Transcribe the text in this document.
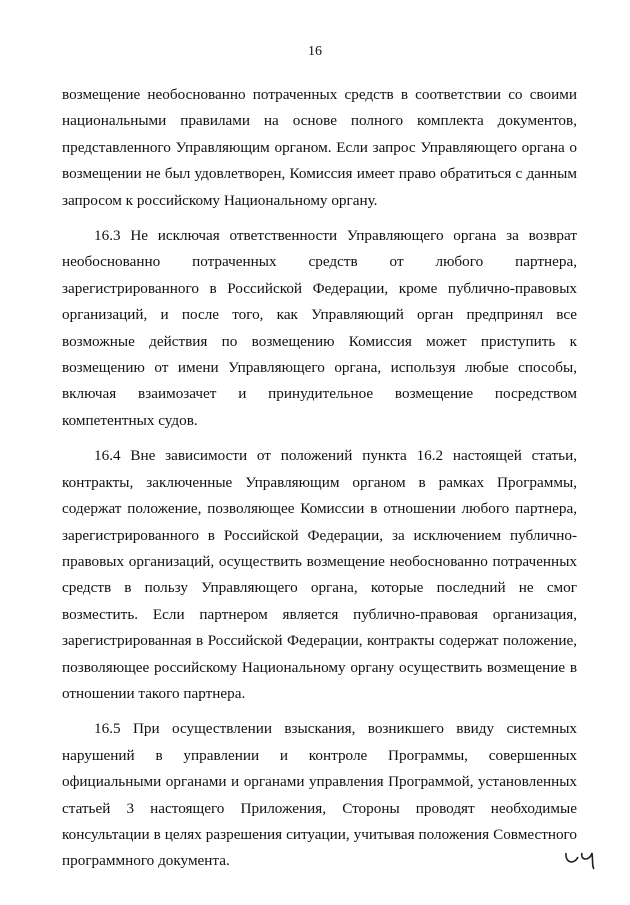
16

возмещение необоснованно потраченных средств в соответствии со своими национальными правилами на основе полного комплекта документов, представленного Управляющим органом. Если запрос Управляющего органа о возмещении не был удовлетворен, Комиссия имеет право обратиться с данным запросом к российскому Национальному органу.

16.3 Не исключая ответственности Управляющего органа за возврат необоснованно потраченных средств от любого партнера, зарегистрированного в Российской Федерации, кроме публично-правовых организаций, и после того, как Управляющий орган предпринял все возможные действия по возмещению Комиссия может приступить к возмещению от имени Управляющего органа, используя любые способы, включая взаимозачет и принудительное возмещение посредством компетентных судов.

16.4 Вне зависимости от положений пункта 16.2 настоящей статьи, контракты, заключенные Управляющим органом в рамках Программы, содержат положение, позволяющее Комиссии в отношении любого партнера, зарегистрированного в Российской Федерации, за исключением публично-правовых организаций, осуществить возмещение необоснованно потраченных средств в пользу Управляющего органа, которые последний не смог возместить. Если партнером является публично-правовая организация, зарегистрированная в Российской Федерации, контракты содержат положение, позволяющее российскому Национальному органу осуществить возмещение в отношении такого партнера.

16.5 При осуществлении взыскания, возникшего ввиду системных нарушений в управлении и контроле Программы, совершенных официальными органами и органами управления Программой, установленных статьей 3 настоящего Приложения, Стороны проводят необходимые консультации в целях разрешения ситуации, учитывая положения Совместного программного документа.
